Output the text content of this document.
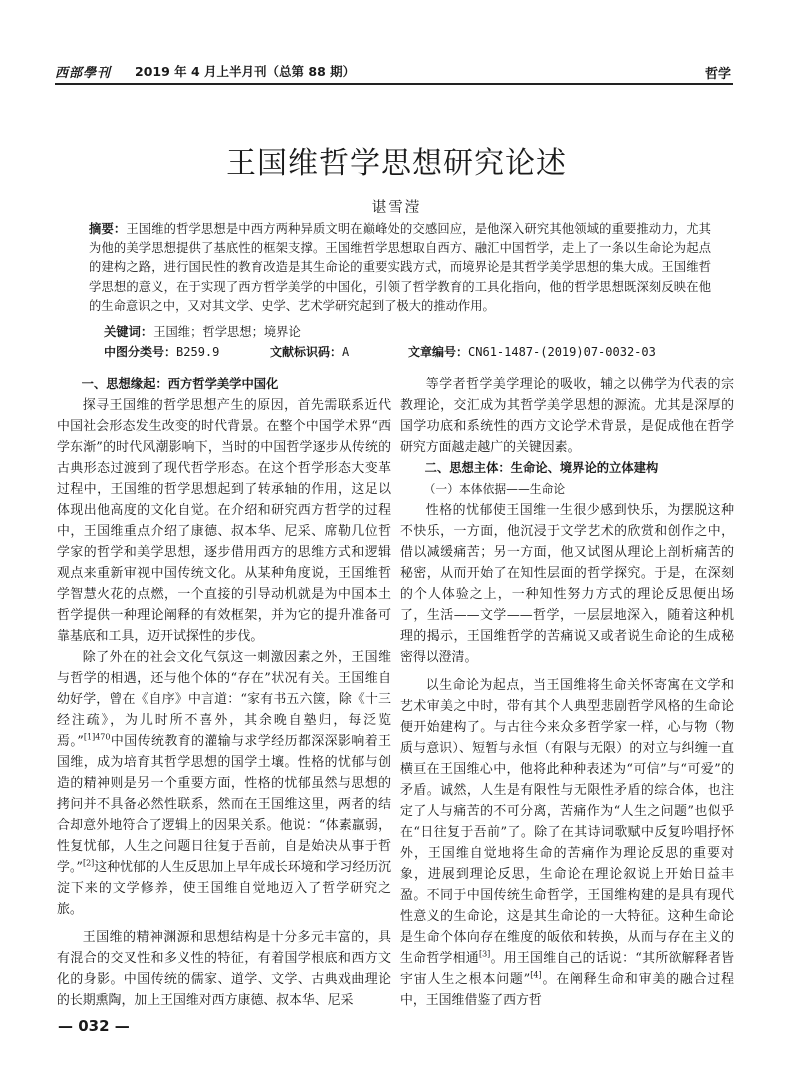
西部學刊 2019 年 4 月上半月刊（总第 88 期）	哲学
王国维哲学思想研究论述
谌雪滢
摘要：王国维的哲学思想是中西方两种异质文明在巅峰处的交感回应，是他深入研究其他领域的重要推动力，尤其为他的美学思想提供了基底性的框架支撑。王国维哲学思想取自西方、融汇中国哲学，走上了一条以生命论为起点的建构之路，进行国民性的教育改造是其生命论的重要实践方式，而境界论是其哲学美学思想的集大成。王国维哲学思想的意义，在于实现了西方哲学美学的中国化，引领了哲学教育的工具化指向，他的哲学思想既深刻反映在他的生命意识之中，又对其文学、史学、艺术学研究起到了极大的推动作用。
关键词：王国维；哲学思想；境界论
中图分类号：B259.9	文献标识码：A	文章编号：CN61-1487-(2019)07-0032-03
一、思想缘起：西方哲学美学中国化

探寻王国维的哲学思想产生的原因，首先需联系近代中国社会形态发生改变的时代背景。在整个中国学术界“西学东渐”的时代风潮影响下，当时的中国哲学逐步从传统的古典形态过渡到了现代哲学形态。在这个哲学形态大变革过程中，王国维的哲学思想起到了转承轴的作用，这足以体现出他高度的文化自觉。在介绍和研究西方哲学的过程中，王国维重点介绍了康德、叔本华、尼采、席勒几位哲学家的哲学和美学思想，逐步借用西方的思维方式和逻辑观点来重新审视中国传统文化。从某种角度说，王国维哲学智慧火花的点燃，一个直接的引导动机就是为中国本土哲学提供一种理论阐释的有效框架，并为它的提升准备可靠基底和工具，迈开试探性的步伐。

除了外在的社会文化气氛这一刺激因素之外，王国维与哲学的相遇，还与他个体的“存在”状况有关。王国维自幼好学，曾在《自序》中言道：“家有书五六箧，除《十三经注疏》，为儿时所不喜外，其余晚自塾归，每泛览焉。”$^{[1]470}$中国传统教育的灌输与求学经历都深深影响着王国维，成为培育其哲学思想的国学土壤。性格的忧郁与创造的精神则是另一个重要方面，性格的忧郁虽然与思想的拷问并不具备必然性联系，然而在王国维这里，两者的结合却意外地符合了逻辑上的因果关系。他说：“体素羸弱，性复忧郁，人生之问题日往复于吾前，自是始决从事于哲学。”[2]这种忧郁的人生反思加上早年成长环境和学习经历沉淀下来的文学修养，使王国维自觉地迈入了哲学研究之旅。

王国维的精神渊源和思想结构是十分多元丰富的，具有混合的交叉性和多义性的特征，有着国学根底和西方文化的身影。中国传统的儒家、道学、文学、古典戏曲理论的长期熏陶，加上王国维对西方康德、叔本华、尼采

等学者哲学美学理论的吸收，辅之以佛学为代表的宗教理论，交汇成为其哲学美学思想的源流。尤其是深厚的国学功底和系统性的西方文论学术背景，是促成他在哲学研究方面越走越广的关键因素。

二、思想主体：生命论、境界论的立体建构
（一）本体依据——生命论

性格的忧郁使王国维一生很少感到快乐，为摆脱这种不快乐，一方面，他沉浸于文学艺术的欣赏和创作之中，借以减缓痛苦；另一方面，他又试图从理论上剖析痛苦的秘密，从而开始了在知性层面的哲学探究。于是，在深刻的个人体验之上，一种知性努力方式的理论反思便出场了，生活——文学——哲学，一层层地深入，随着这种机理的揭示，王国维哲学的苦痛说又或者说生命论的生成秘密得以澄清。

以生命论为起点，当王国维将生命关怀寄寓在文学和艺术审美之中时，带有其个人典型悲剧哲学风格的生命论便开始建构了。与古往今来众多哲学家一样，心与物（物质与意识）、短暂与永恒（有限与无限）的对立与纠缠一直横亘在王国维心中，他将此种种表述为“可信”与“可爱”的矛盾。诚然，人生是有限性与无限性矛盾的综合体，也注定了人与痛苦的不可分离，苦痛作为“人生之问题”也似乎在“日往复于吾前”了。除了在其诗词歌赋中反复吟唱抒怀外，王国维自觉地将生命的苦痛作为理论反思的重要对象，进展到理论反思，生命论在理论叙说上开始日益丰盈。不同于中国传统生命哲学，王国维构建的是具有现代性意义的生命论，这是其生命论的一大特征。这种生命论是生命个体向存在维度的皈依和转换，从而与存在主义的生命哲学相通[3]。用王国维自己的话说：“其所欲解释者皆宇宙人生之根本问题”[4]。在阐释生命和审美的融合过程中，王国维借鉴了西方哲

— 032 —
